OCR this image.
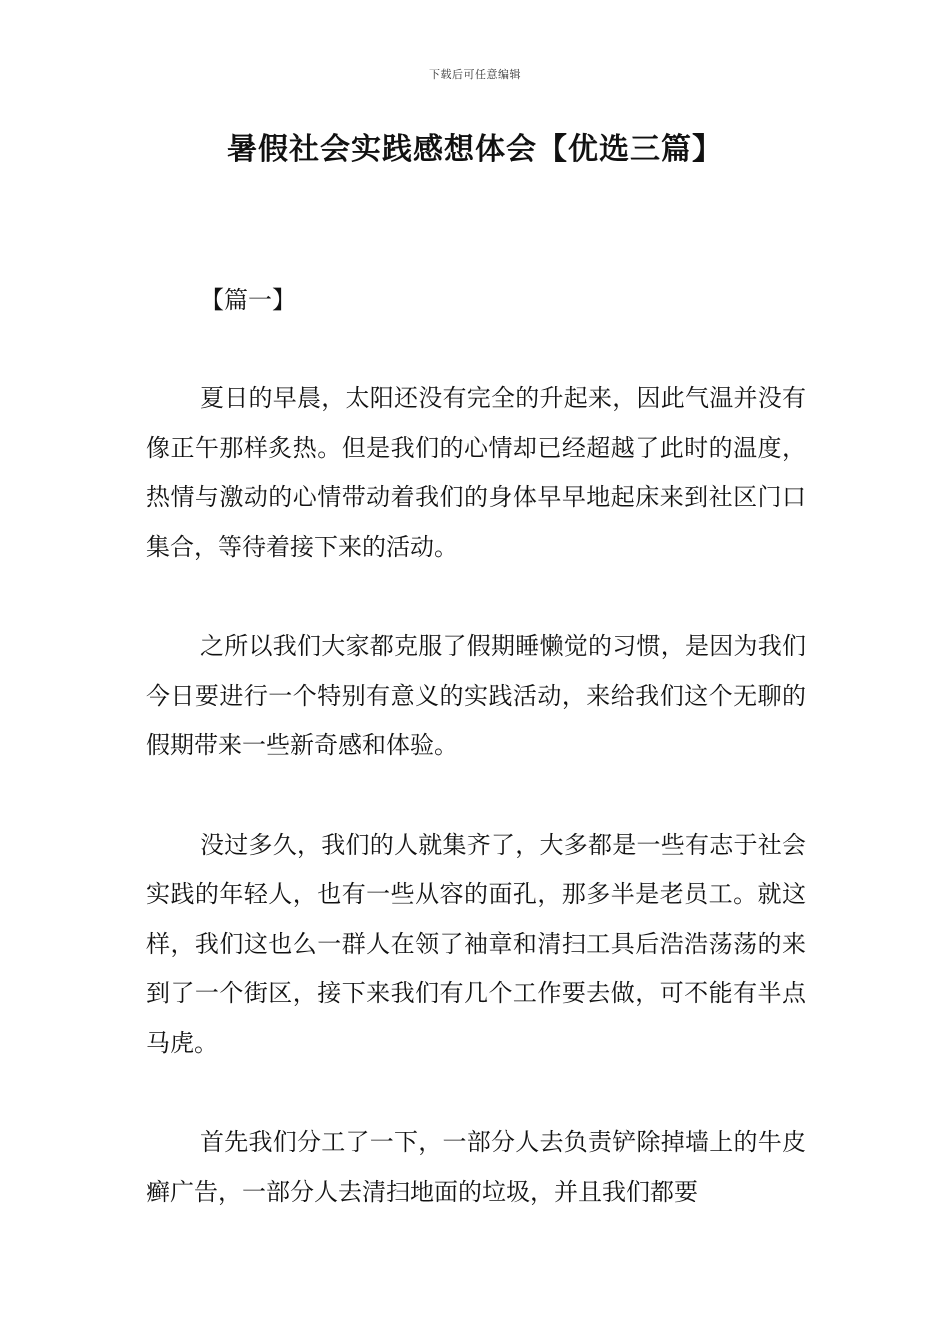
下载后可任意编辑
暑假社会实践感想体会【优选三篇】
【篇一】

夏日的早晨，太阳还没有完全的升起来，因此气温并没有像正午那样炙热。但是我们的心情却已经超越了此时的温度，热情与激动的心情带动着我们的身体早早地起床来到社区门口集合，等待着接下来的活动。

之所以我们大家都克服了假期睡懒觉的习惯，是因为我们今日要进行一个特别有意义的实践活动，来给我们这个无聊的假期带来一些新奇感和体验。

没过多久，我们的人就集齐了，大多都是一些有志于社会实践的年轻人，也有一些从容的面孔，那多半是老员工。就这样，我们这也么一群人在领了袖章和清扫工具后浩浩荡荡的来到了一个街区，接下来我们有几个工作要去做，可不能有半点马虎。

首先我们分工了一下，一部分人去负责铲除掉墙上的牛皮癣广告，一部分人去清扫地面的垃圾，并且我们都要
